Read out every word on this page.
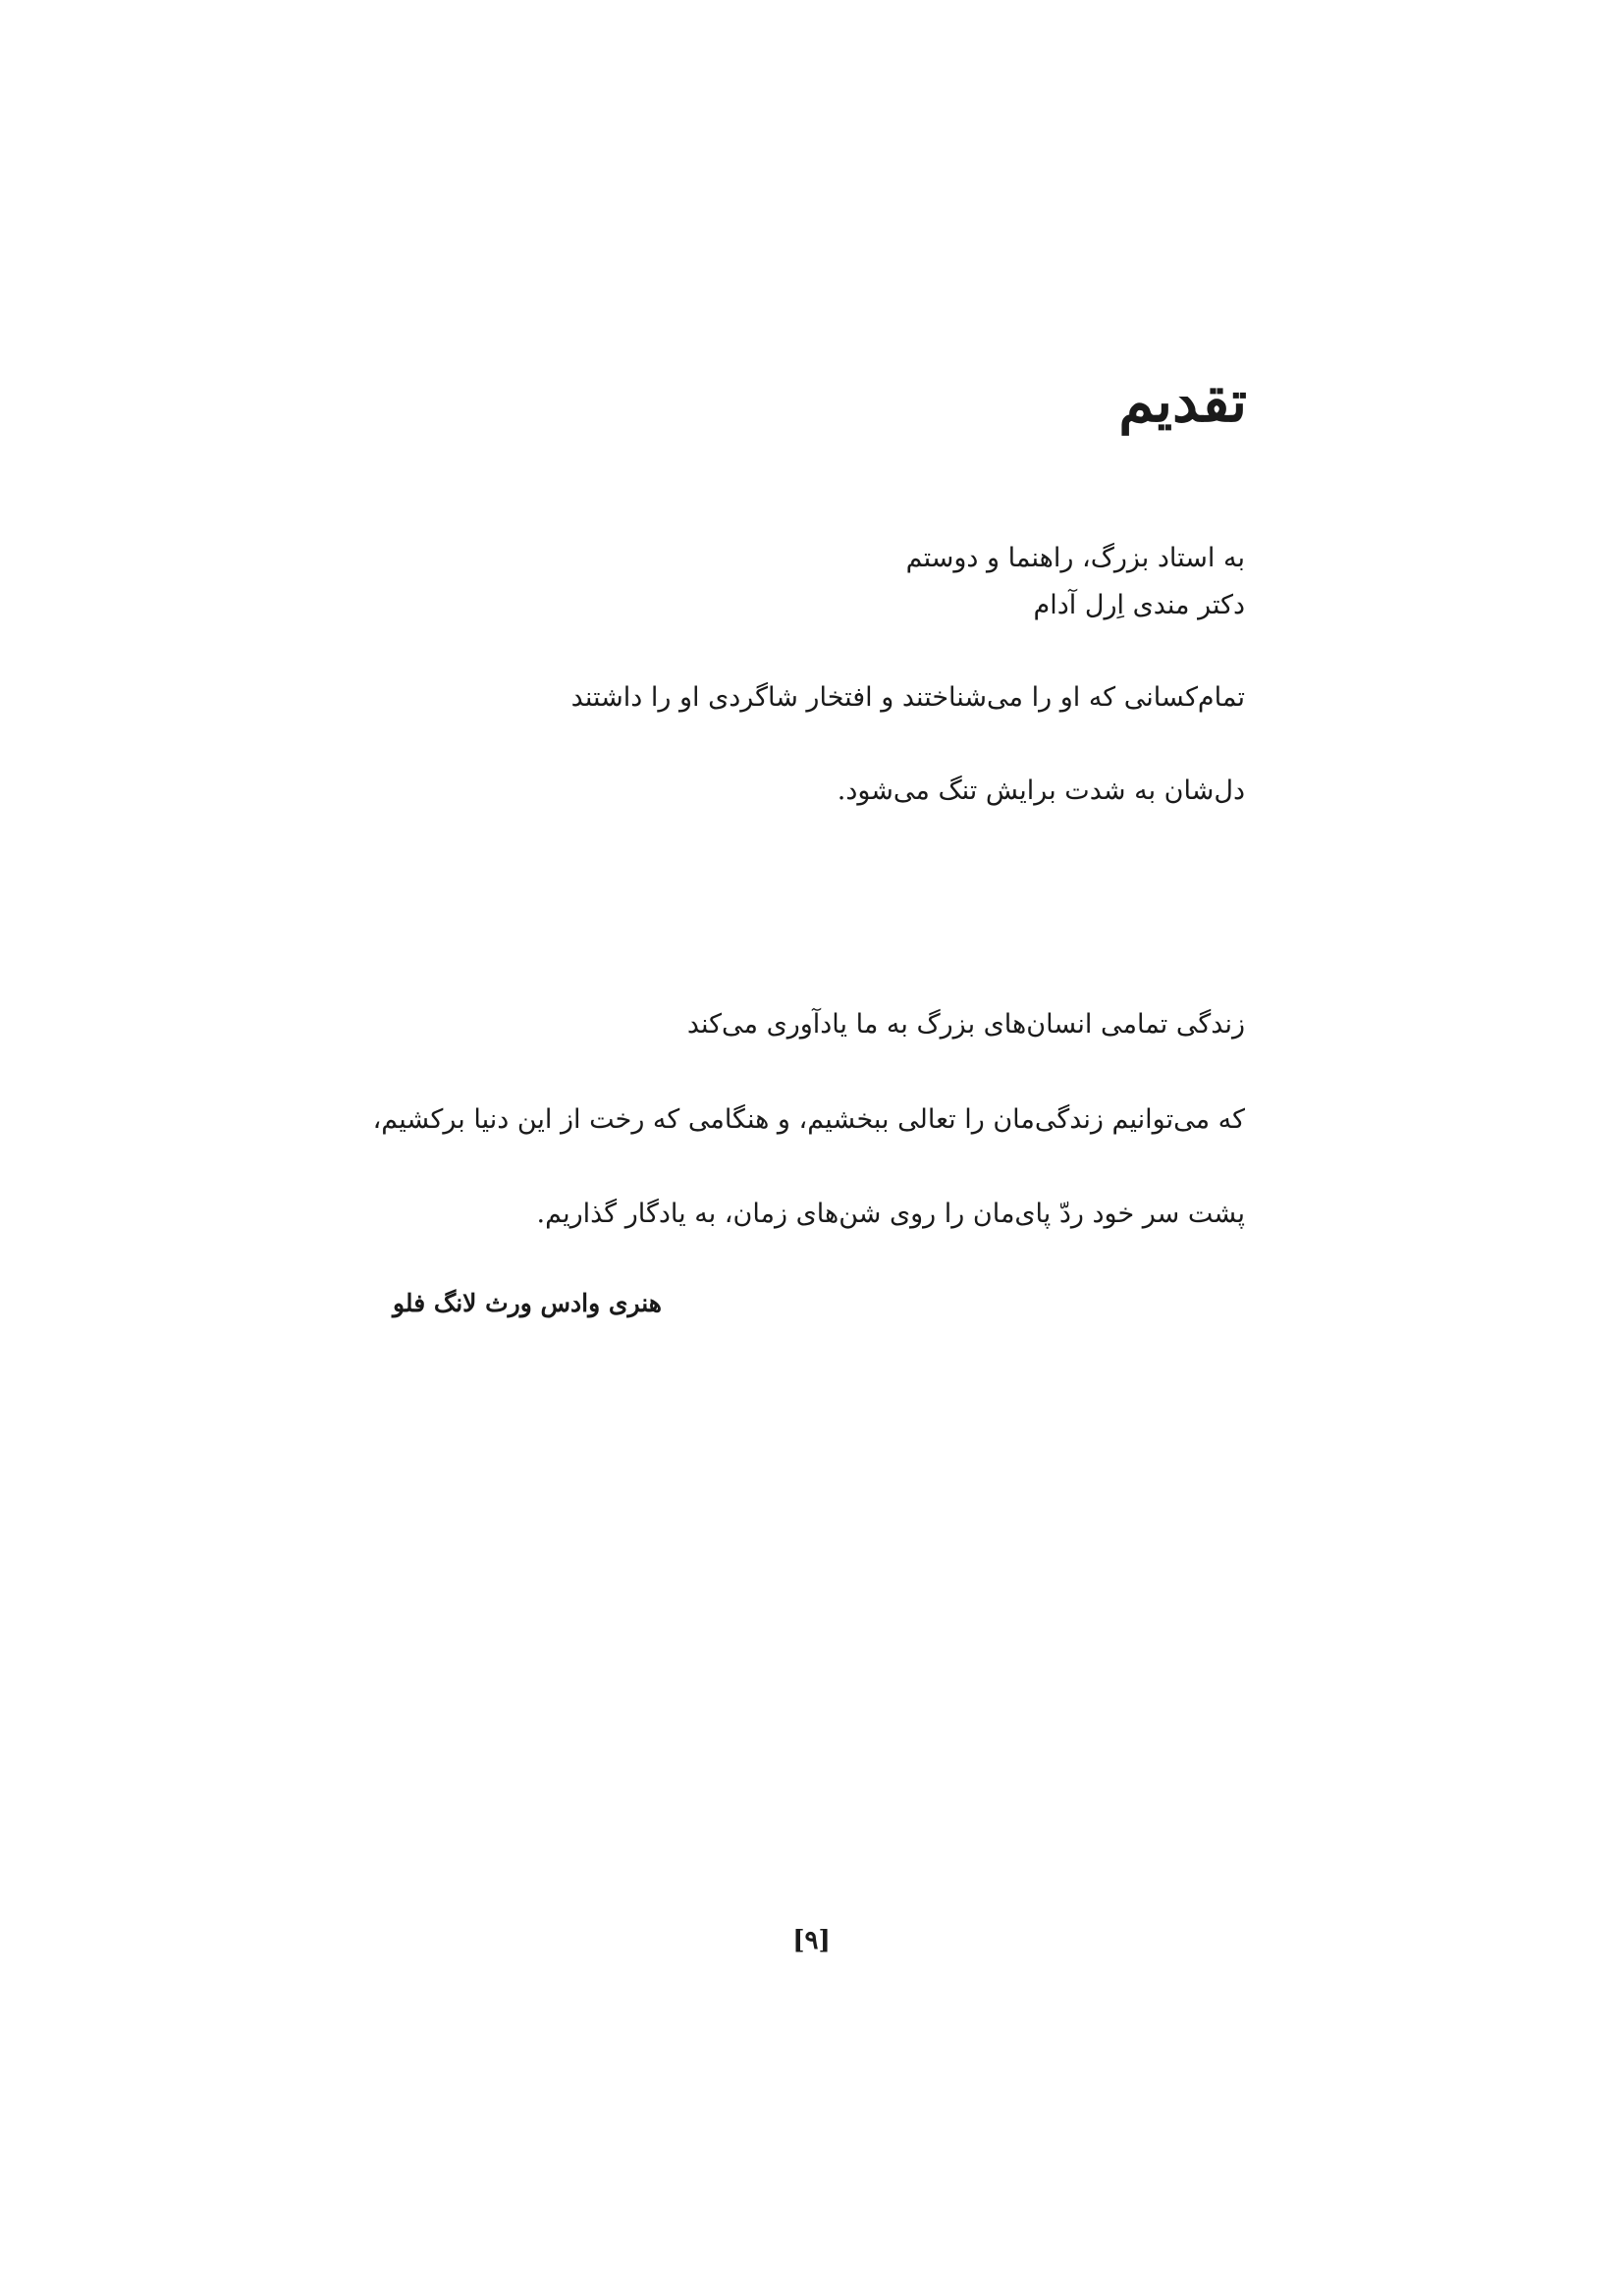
تقدیم
به استاد بزرگ، راهنما و دوستم
دکتر مندی اِرل آدام
تمام‌کسانی که او را می‌شناختند و افتخار شاگردی او را داشتند
دل‌شان به شدت برایش تنگ می‌شود.
زندگی تمامی انسان‌های بزرگ به ما یادآوری می‌کند
که می‌توانیم زندگی‌مان را تعالی ببخشیم، و هنگامی که رخت از این دنیا برکشیم،
پشت سر خود ردّ پای‌مان را روی شن‌های زمان، به یادگار گذاریم.
هنری وادس ورث لانگ فلو
[۹]
